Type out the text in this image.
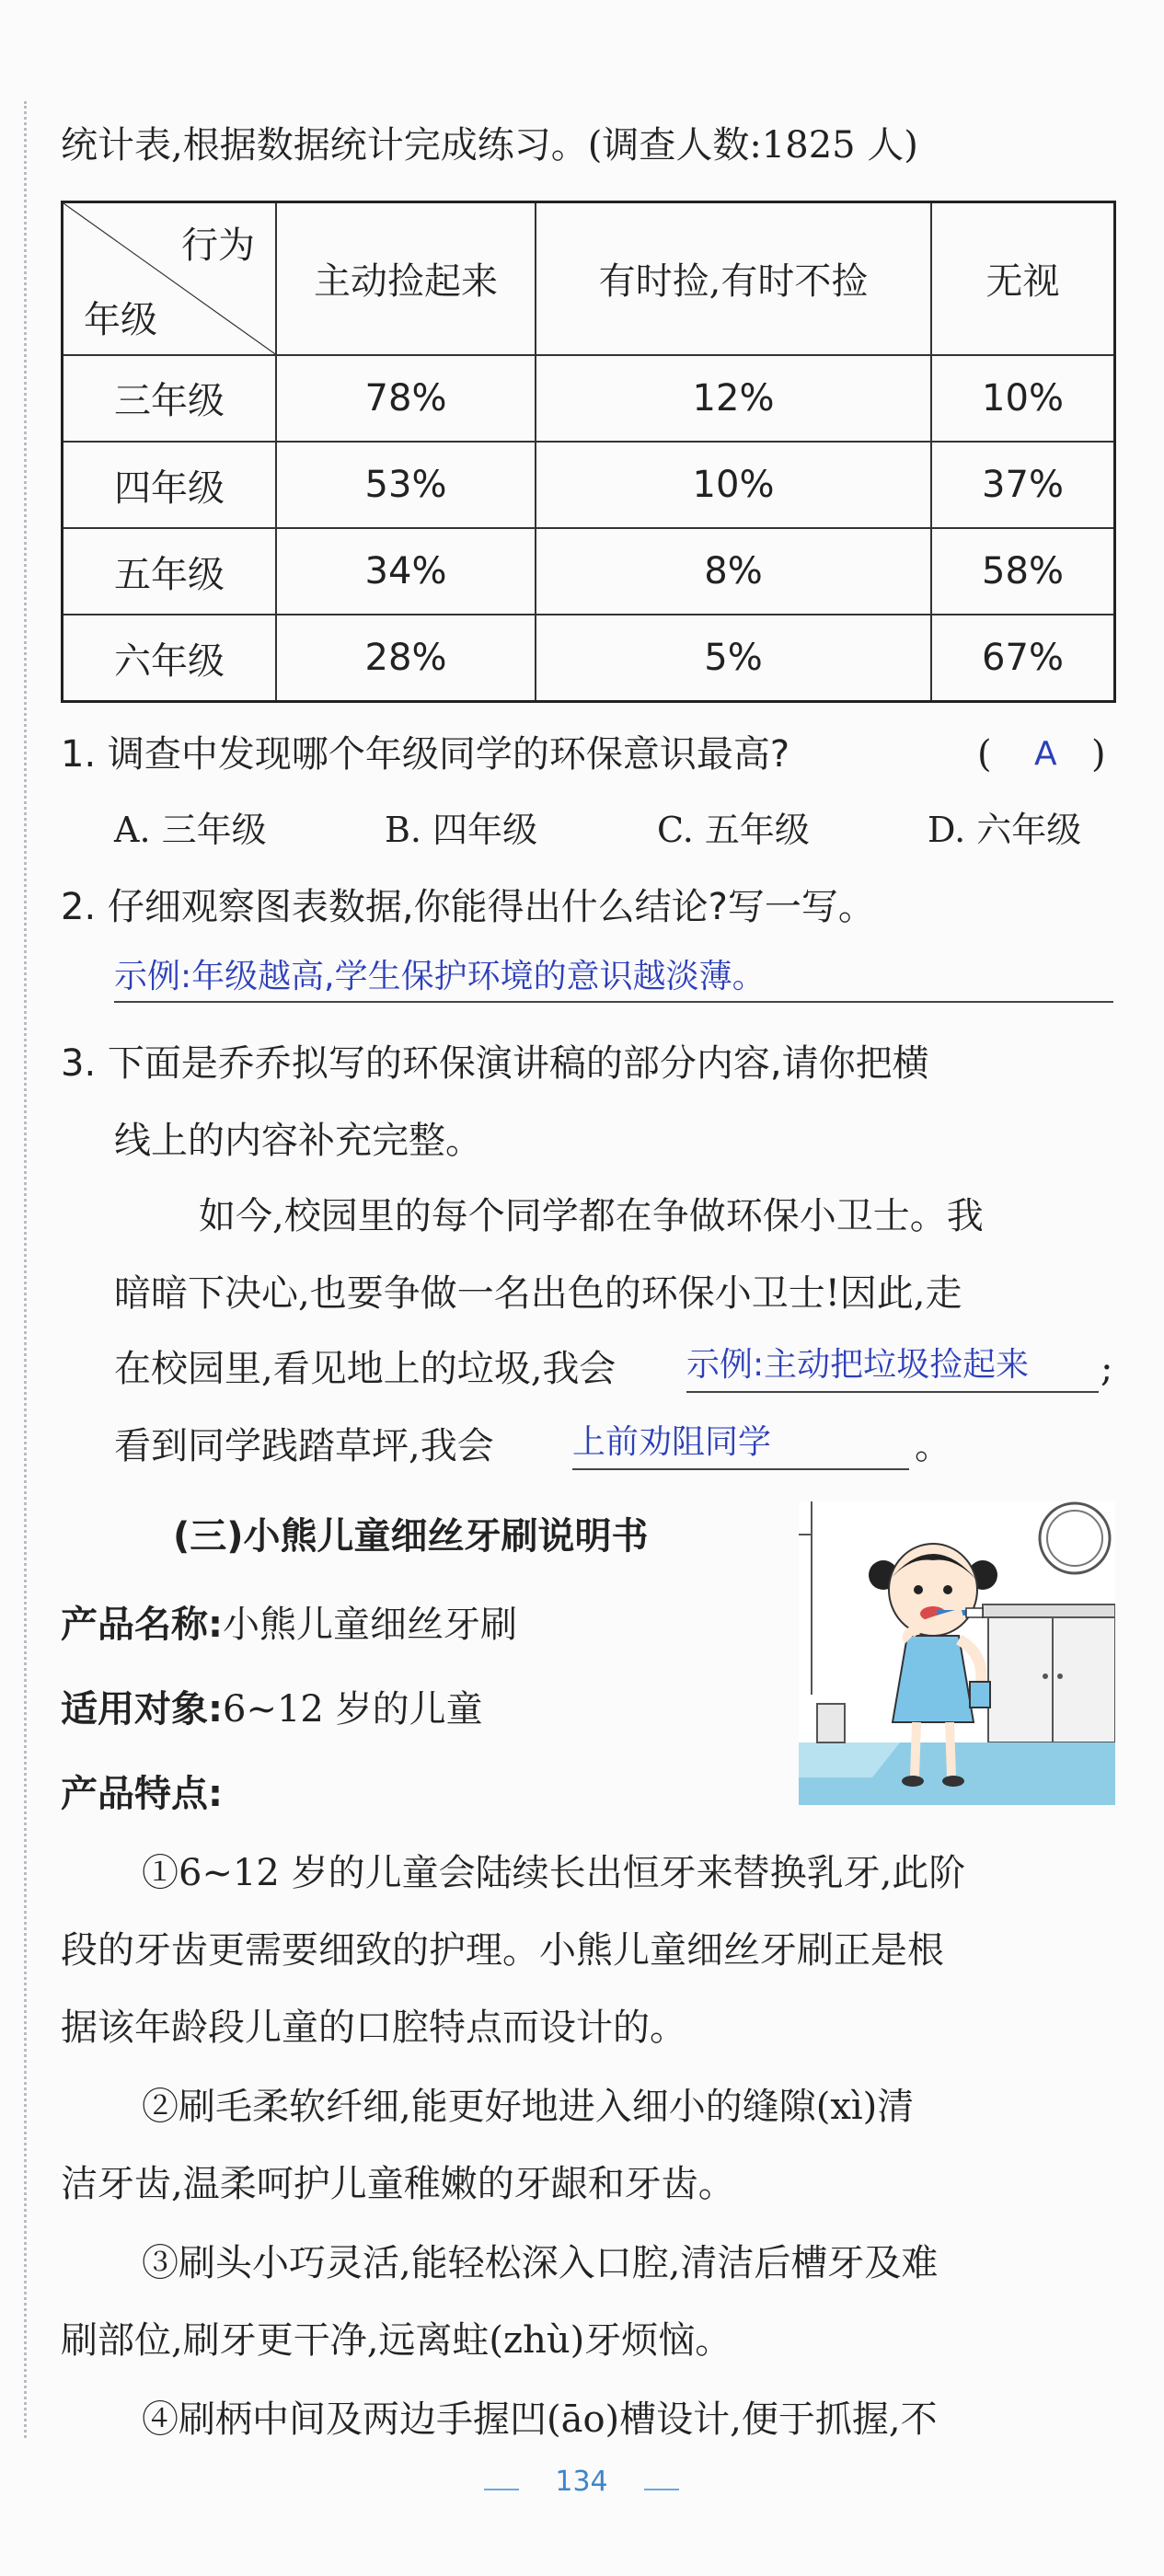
统计表,根据数据统计完成练习。(调查人数:1825 人)
行为
年级	主动捡起来	有时捡,有时不捡	无视
三年级	78%	12%	10%
四年级	53%	10%	37%
五年级	34%	8%	58%
六年级	28%	5%	67%
1. 调查中发现哪个年级同学的环保意识最高?	( A )
A. 三年级	B. 四年级	C. 五年级	D. 六年级
2. 仔细观察图表数据,你能得出什么结论?写一写。
示例:年级越高,学生保护环境的意识越淡薄。
3. 下面是乔乔拟写的环保演讲稿的部分内容,请你把横
线上的内容补充完整。
如今,校园里的每个同学都在争做环保小卫士。我
暗暗下决心,也要争做一名出色的环保小卫士!因此,走
在校园里,看见地上的垃圾,我会 示例:主动把垃圾捡起来 ;
看到同学践踏草坪,我会 上前劝阻同学	。
(三)小熊儿童细丝牙刷说明书
产品名称:小熊儿童细丝牙刷
适用对象:6~12 岁的儿童
产品特点:
①6~12 岁的儿童会陆续长出恒牙来替换乳牙,此阶
段的牙齿更需要细致的护理。小熊儿童细丝牙刷正是根
据该年龄段儿童的口腔特点而设计的。
②刷毛柔软纤细,能更好地进入细小的缝隙(xì)清
洁牙齿,温柔呵护儿童稚嫩的牙龈和牙齿。
③刷头小巧灵活,能轻松深入口腔,清洁后槽牙及难
刷部位,刷牙更干净,远离蛀(zhù)牙烦恼。
④刷柄中间及两边手握凹(āo)槽设计,便于抓握,不
134
